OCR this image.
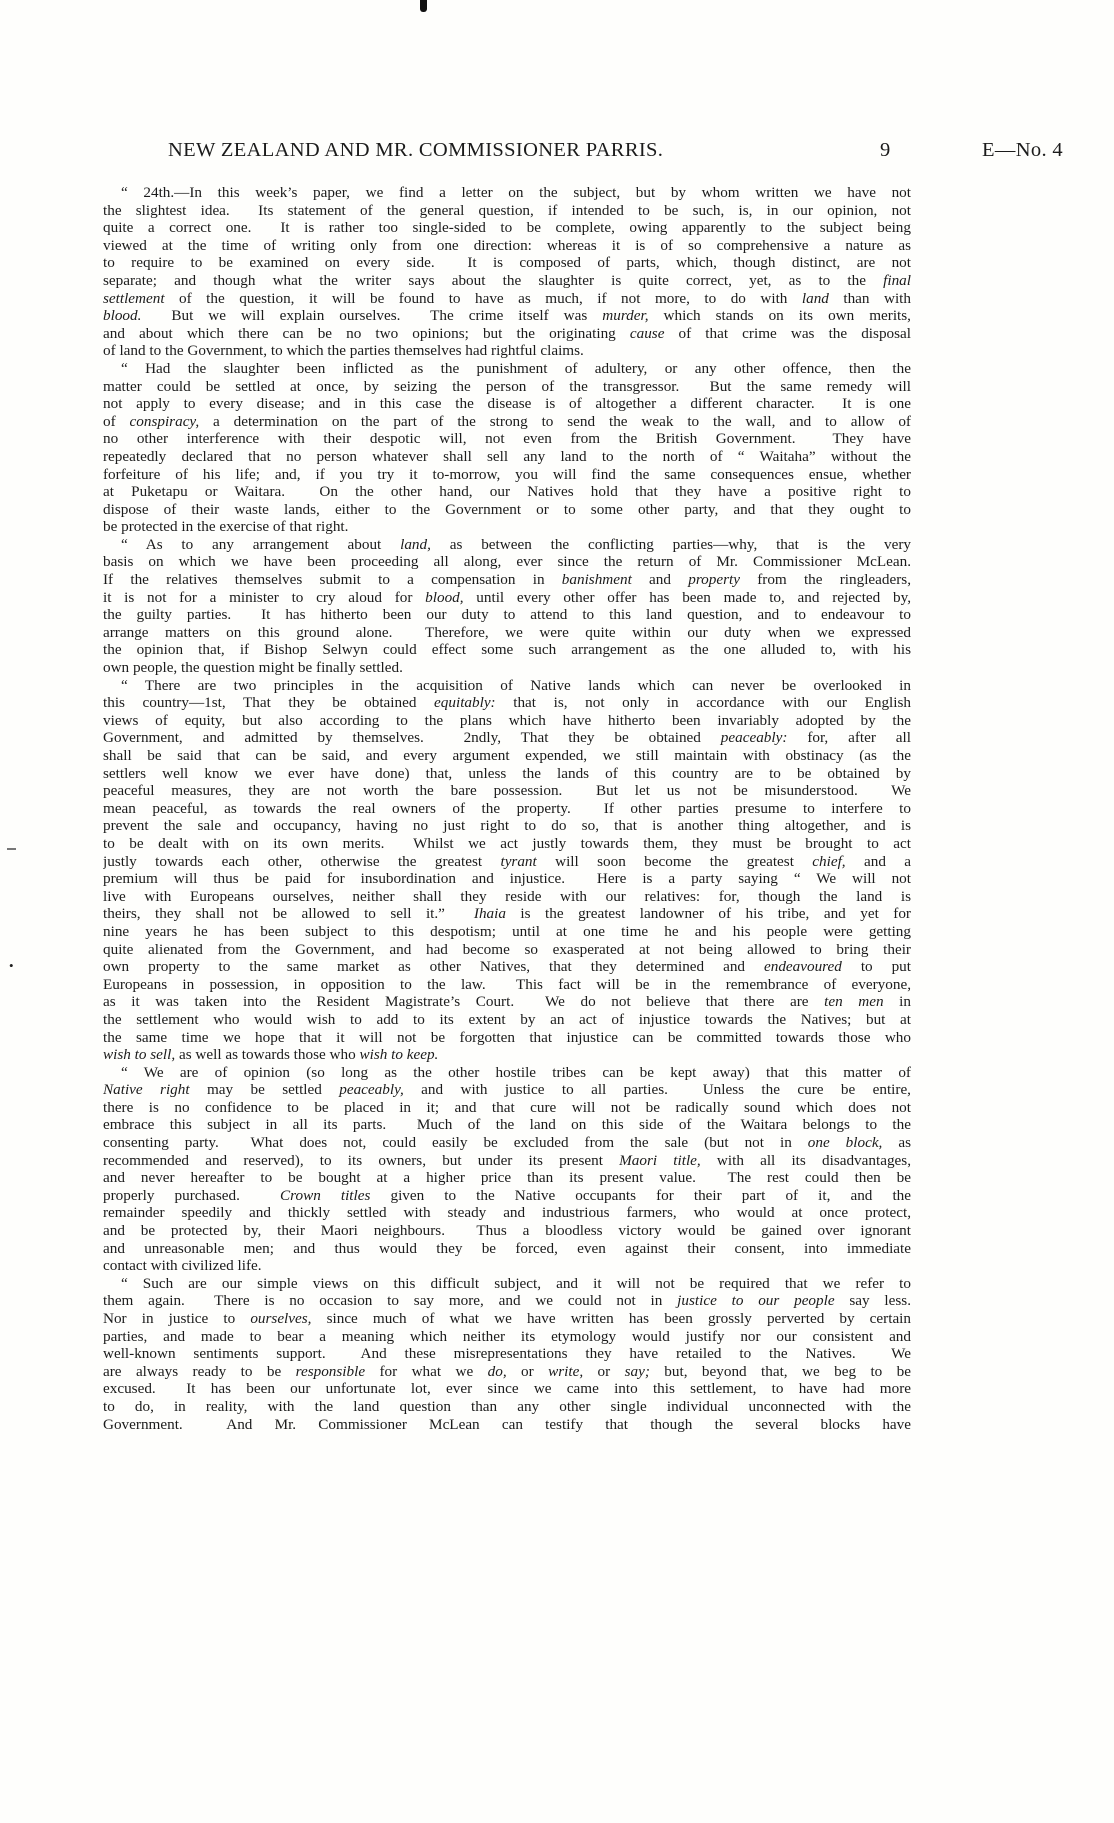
•
NEW ZEALAND AND MR. COMMISSIONER PARRIS.	9	E—No. 4
“ 24th.—In this week’s paper, we find a letter on the subject, but by whom written we have not
the slightest idea.  Its statement of the general question, if intended to be such, is, in our opinion, not
quite a correct one.  It is rather too single-sided to be complete, owing apparently to the subject being
viewed at the time of writing only from one direction: whereas it is of so comprehensive a nature as
to require to be examined on every side.  It is composed of parts, which, though distinct, are not
separate; and though what the writer says about the slaughter is quite correct, yet, as to the final
settlement of the question, it will be found to have as much, if not more, to do with land than with
blood.  But we will explain ourselves.  The crime itself was murder, which stands on its own merits,
and about which there can be no two opinions; but the originating cause of that crime was the disposal
of land to the Government, to which the parties themselves had rightful claims.
“ Had the slaughter been inflicted as the punishment of adultery, or any other offence, then the
matter could be settled at once, by seizing the person of the transgressor.  But the same remedy will
not apply to every disease; and in this case the disease is of altogether a different character.  It is one
of conspiracy, a determination on the part of the strong to send the weak to the wall, and to allow of
no other interference with their despotic will, not even from the British Government.  They have
repeatedly declared that no person whatever shall sell any land to the north of “ Waitaha” without the
forfeiture of his life; and, if you try it to-morrow, you will find the same consequences ensue, whether
at Puketapu or Waitara.  On the other hand, our Natives hold that they have a positive right to
dispose of their waste lands, either to the Government or to some other party, and that they ought to
be protected in the exercise of that right.
“ As to any arrangement about land, as between the conflicting parties—why, that is the very
basis on which we have been proceeding all along, ever since the return of Mr. Commissioner McLean.
If the relatives themselves submit to a compensation in banishment and property from the ringleaders,
it is not for a minister to cry aloud for blood, until every other offer has been made to, and rejected by,
the guilty parties.  It has hitherto been our duty to attend to this land question, and to endeavour to
arrange matters on this ground alone.  Therefore, we were quite within our duty when we expressed
the opinion that, if Bishop Selwyn could effect some such arrangement as the one alluded to, with his
own people, the question might be finally settled.
“ There are two principles in the acquisition of Native lands which can never be overlooked in
this country—1st, That they be obtained equitably: that is, not only in accordance with our English
views of equity, but also according to the plans which have hitherto been invariably adopted by the
Government, and admitted by themselves.  2ndly, That they be obtained peaceably: for, after all
shall be said that can be said, and every argument expended, we still maintain with obstinacy (as the
settlers well know we ever have done) that, unless the lands of this country are to be obtained by
peaceful measures, they are not worth the bare possession.  But let us not be misunderstood.  We
mean peaceful, as towards the real owners of the property.  If other parties presume to interfere to
prevent the sale and occupancy, having no just right to do so, that is another thing altogether, and is
to be dealt with on its own merits.  Whilst we act justly towards them, they must be brought to act
justly towards each other, otherwise the greatest tyrant will soon become the greatest chief, and a
premium will thus be paid for insubordination and injustice.  Here is a party saying “ We will not
live with Europeans ourselves, neither shall they reside with our relatives: for, though the land is
theirs, they shall not be allowed to sell it.”  Ihaia is the greatest landowner of his tribe, and yet for
nine years he has been subject to this despotism; until at one time he and his people were getting
quite alienated from the Government, and had become so exasperated at not being allowed to bring their
own property to the same market as other Natives, that they determined and endeavoured to put
Europeans in possession, in opposition to the law.  This fact will be in the remembrance of everyone,
as it was taken into the Resident Magistrate’s Court.  We do not believe that there are ten men in
the settlement who would wish to add to its extent by an act of injustice towards the Natives; but at
the same time we hope that it will not be forgotten that injustice can be committed towards those who
wish to sell, as well as towards those who wish to keep.
“ We are of opinion (so long as the other hostile tribes can be kept away) that this matter of
Native right may be settled peaceably, and with justice to all parties.  Unless the cure be entire,
there is no confidence to be placed in it; and that cure will not be radically sound which does not
embrace this subject in all its parts.  Much of the land on this side of the Waitara belongs to the
consenting party.  What does not, could easily be excluded from the sale (but not in one block, as
recommended and reserved), to its owners, but under its present Maori title, with all its disadvantages,
and never hereafter to be bought at a higher price than its present value.  The rest could then be
properly purchased.  Crown titles given to the Native occupants for their part of it, and the
remainder speedily and thickly settled with steady and industrious farmers, who would at once protect,
and be protected by, their Maori neighbours.  Thus a bloodless victory would be gained over ignorant
and unreasonable men; and thus would they be forced, even against their consent, into immediate
contact with civilized life.
“ Such are our simple views on this difficult subject, and it will not be required that we refer to
them again.  There is no occasion to say more, and we could not in justice to our people say less.
Nor in justice to ourselves, since much of what we have written has been grossly perverted by certain
parties, and made to bear a meaning which neither its etymology would justify nor our consistent and
well-known sentiments support.  And these misrepresentations they have retailed to the Natives.  We
are always ready to be responsible for what we do, or write, or say; but, beyond that, we beg to be
excused.  It has been our unfortunate lot, ever since we came into this settlement, to have had more
to do, in reality, with the land question than any other single individual unconnected with the
Government.  And Mr. Commissioner McLean can testify that though the several blocks have
